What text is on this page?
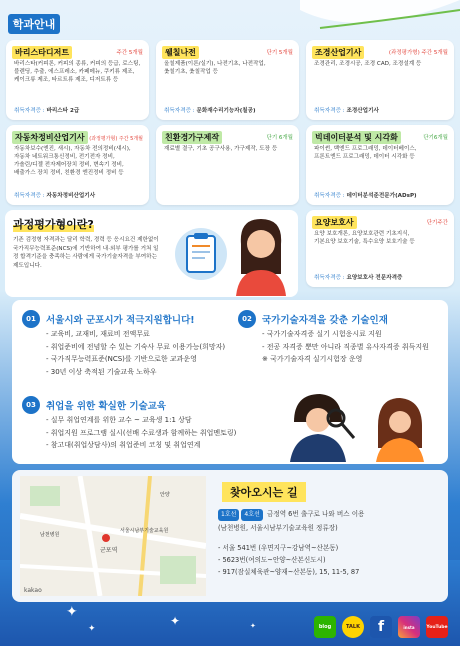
학과안내
바리스타디저트	주간 5개월
바리스타(커피론, 커피의 종류, 커피의 등급, 로스팅,
블렌딩, 추출, 에스프레소, 카페메뉴, 쿠키류 제조,
케이크류 제조, 타르트류 제조, 디저트류 등
취득자격증 : 바리스타 2급
웰칠나전	단기 5개월
올칠제품(이론/실기), 나전기초, 나전작업,
옻칠기초, 옻칠작업 등
취득자격증 : 문화재수리기능자(칠공)
조경산업기사	(과정평가형) 주간 5개월
조경관리, 조경시공, 조경 CAD, 조경설계 등
취득자격증 : 조경산업기사
자동차정비산업기사 (과정평가형) 주간 5개월
자동차보수(엔진, 새시), 자동차 전의정비(섀시),
자동차 네트워크통신정비, 전기전자 정비,
가솔린/디젤 전자제어장치 정비, 변속기 정비,
배출가스 장치 정비, 친환경 엔진정비 정비 등
취득자격증 : 자동차정비산업기사
친환경가구제작	단기 6개월
재료별 결구, 기초 공구사용, 가구제작, 도장 등
빅데이터분석 및 시각화	단기6개월
파이썬, 백엔드 프로그래밍, 데이터베이스,
프론트엔드 프로그래밍, 데이터 시각화 등
취득자격증 : 데이터분석준전문가(ADsP)
과정평가형이란?
기존 검정형 자격과는 달리 학력, 경력 등 응시요건 제한없이 국가직무능력표준(NCS)에 기반하여 내·외부 평가를 거쳐 일정 합격기준을 충족하는 사람에게 국가기술자격을 부여하는 제도입니다.
요양보호사	단기주간
요양 보호개론, 요양보호관련 기초지식,
기본요양 보호기술, 특수요양 보호기술 등
취득자격증 : 요양보호사 전문자격증
01	서울시와 군포시가 적극지원합니다!
- 교육비, 교재비, 재료비 전액무료
- 취업준비에 전념할 수 있는 기숙사 무료 이용가능(희망자)
- 국가직무능력표준(NCS)를 기반으로한 교과운영
- 30년 이상 축적된 기술교육 노하우
02	국가기술자격을 갖춘 기술인재
- 국가기술자격증 실기 시험응시료 지원
- 전공 자격증 뿐만 아니라 직종별 유사자격증 취득지원
※ 국가기술자격 실기시험장 운영
03	취업을 위한 확실한 기술교육
- 실무 취업연계를 위한 교수 ~ 교육생 1:1 상담
- 취업지원 프로그램 실시(선배 수료생과 함께하는 취업멘토링)
- 참고대(취업상담사)의 취업준비 코칭 및 취업연계
군포역
서울시남부기술교육원
남천병원
안양
kakao
찾아오시는 길
1호선 4호선 금정역 6번 출구로 나와 버스 이용
(남천병원, 서울시남부기술교육원 정류장)
- 서울 541번 (우면지구~강남역~산본동)
- 5623번(여의도~안양~산본신도시)
- 917(잠실체육관~양재~산본동), 15, 11-5, 87
✦
✦
✦	✦	blog	TALK	f	insta	YouTube
